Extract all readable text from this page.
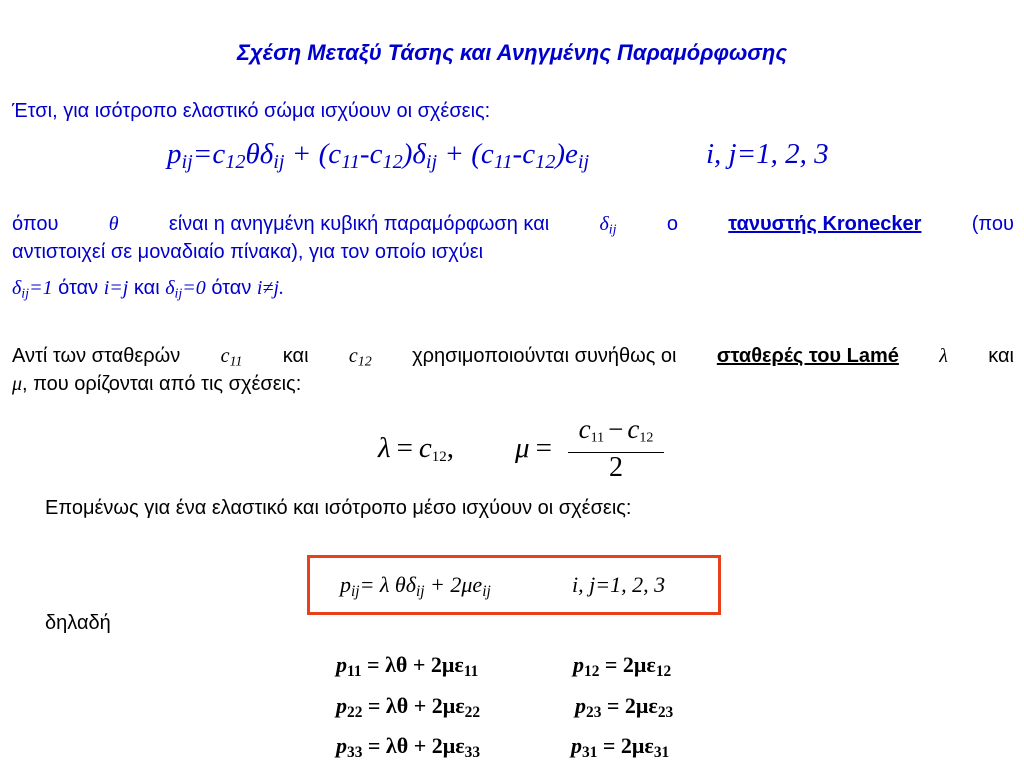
Σχέση Μεταξύ Τάσης και Ανηγμένης Παραμόρφωσης
Έτσι, για ισότροπο ελαστικό σώμα ισχύουν οι σχέσεις:
$p_{ij}=c_{12}\theta\delta_{ij} + (c_{11}-c_{12})\delta_{ij} + (c_{11}-c_{12})e_{ij}$	i, j=1, 2, 3
όπου	θ	είναι η ανηγμένη κυβική παραμόρφωση και	$\delta_{ij}$	ο	τανυστής Kronecker	(που
αντιστοιχεί σε μοναδιαίο πίνακα), για τον οποίο ισχύει
$\delta_{ij}=1$ όταν i=j και $\delta_{ij}=0$ όταν i≠j.
Αντί των σταθερών $c_{11}$ και $c_{12}$ χρησιμοποιούνται συνήθως οι σταθερές του Lamé λ και
μ, που ορίζονται από τις σχέσεις:
$\lambda = c_{12}$, μ =
$c_{11} - c_{12}$
2
Επομένως για ένα ελαστικό και ισότροπο μέσο ισχύουν οι σχέσεις:
$p_{ij}= \lambda$ $\theta\delta_{ij} + 2\mu e_{ij}$	i, j=1, 2, 3
δηλαδή
$p_{11} = \lambda\theta + 2\mu\varepsilon_{11}$	$p_{12} = 2\mu\varepsilon_{12}$
$p_{22} = \lambda\theta + 2\mu\varepsilon_{22}$	$p_{23} = 2\mu\varepsilon_{23}$
$p_{33} = \lambda\theta + 2\mu\varepsilon_{33}$	$p_{31} = 2\mu\varepsilon_{31}$
